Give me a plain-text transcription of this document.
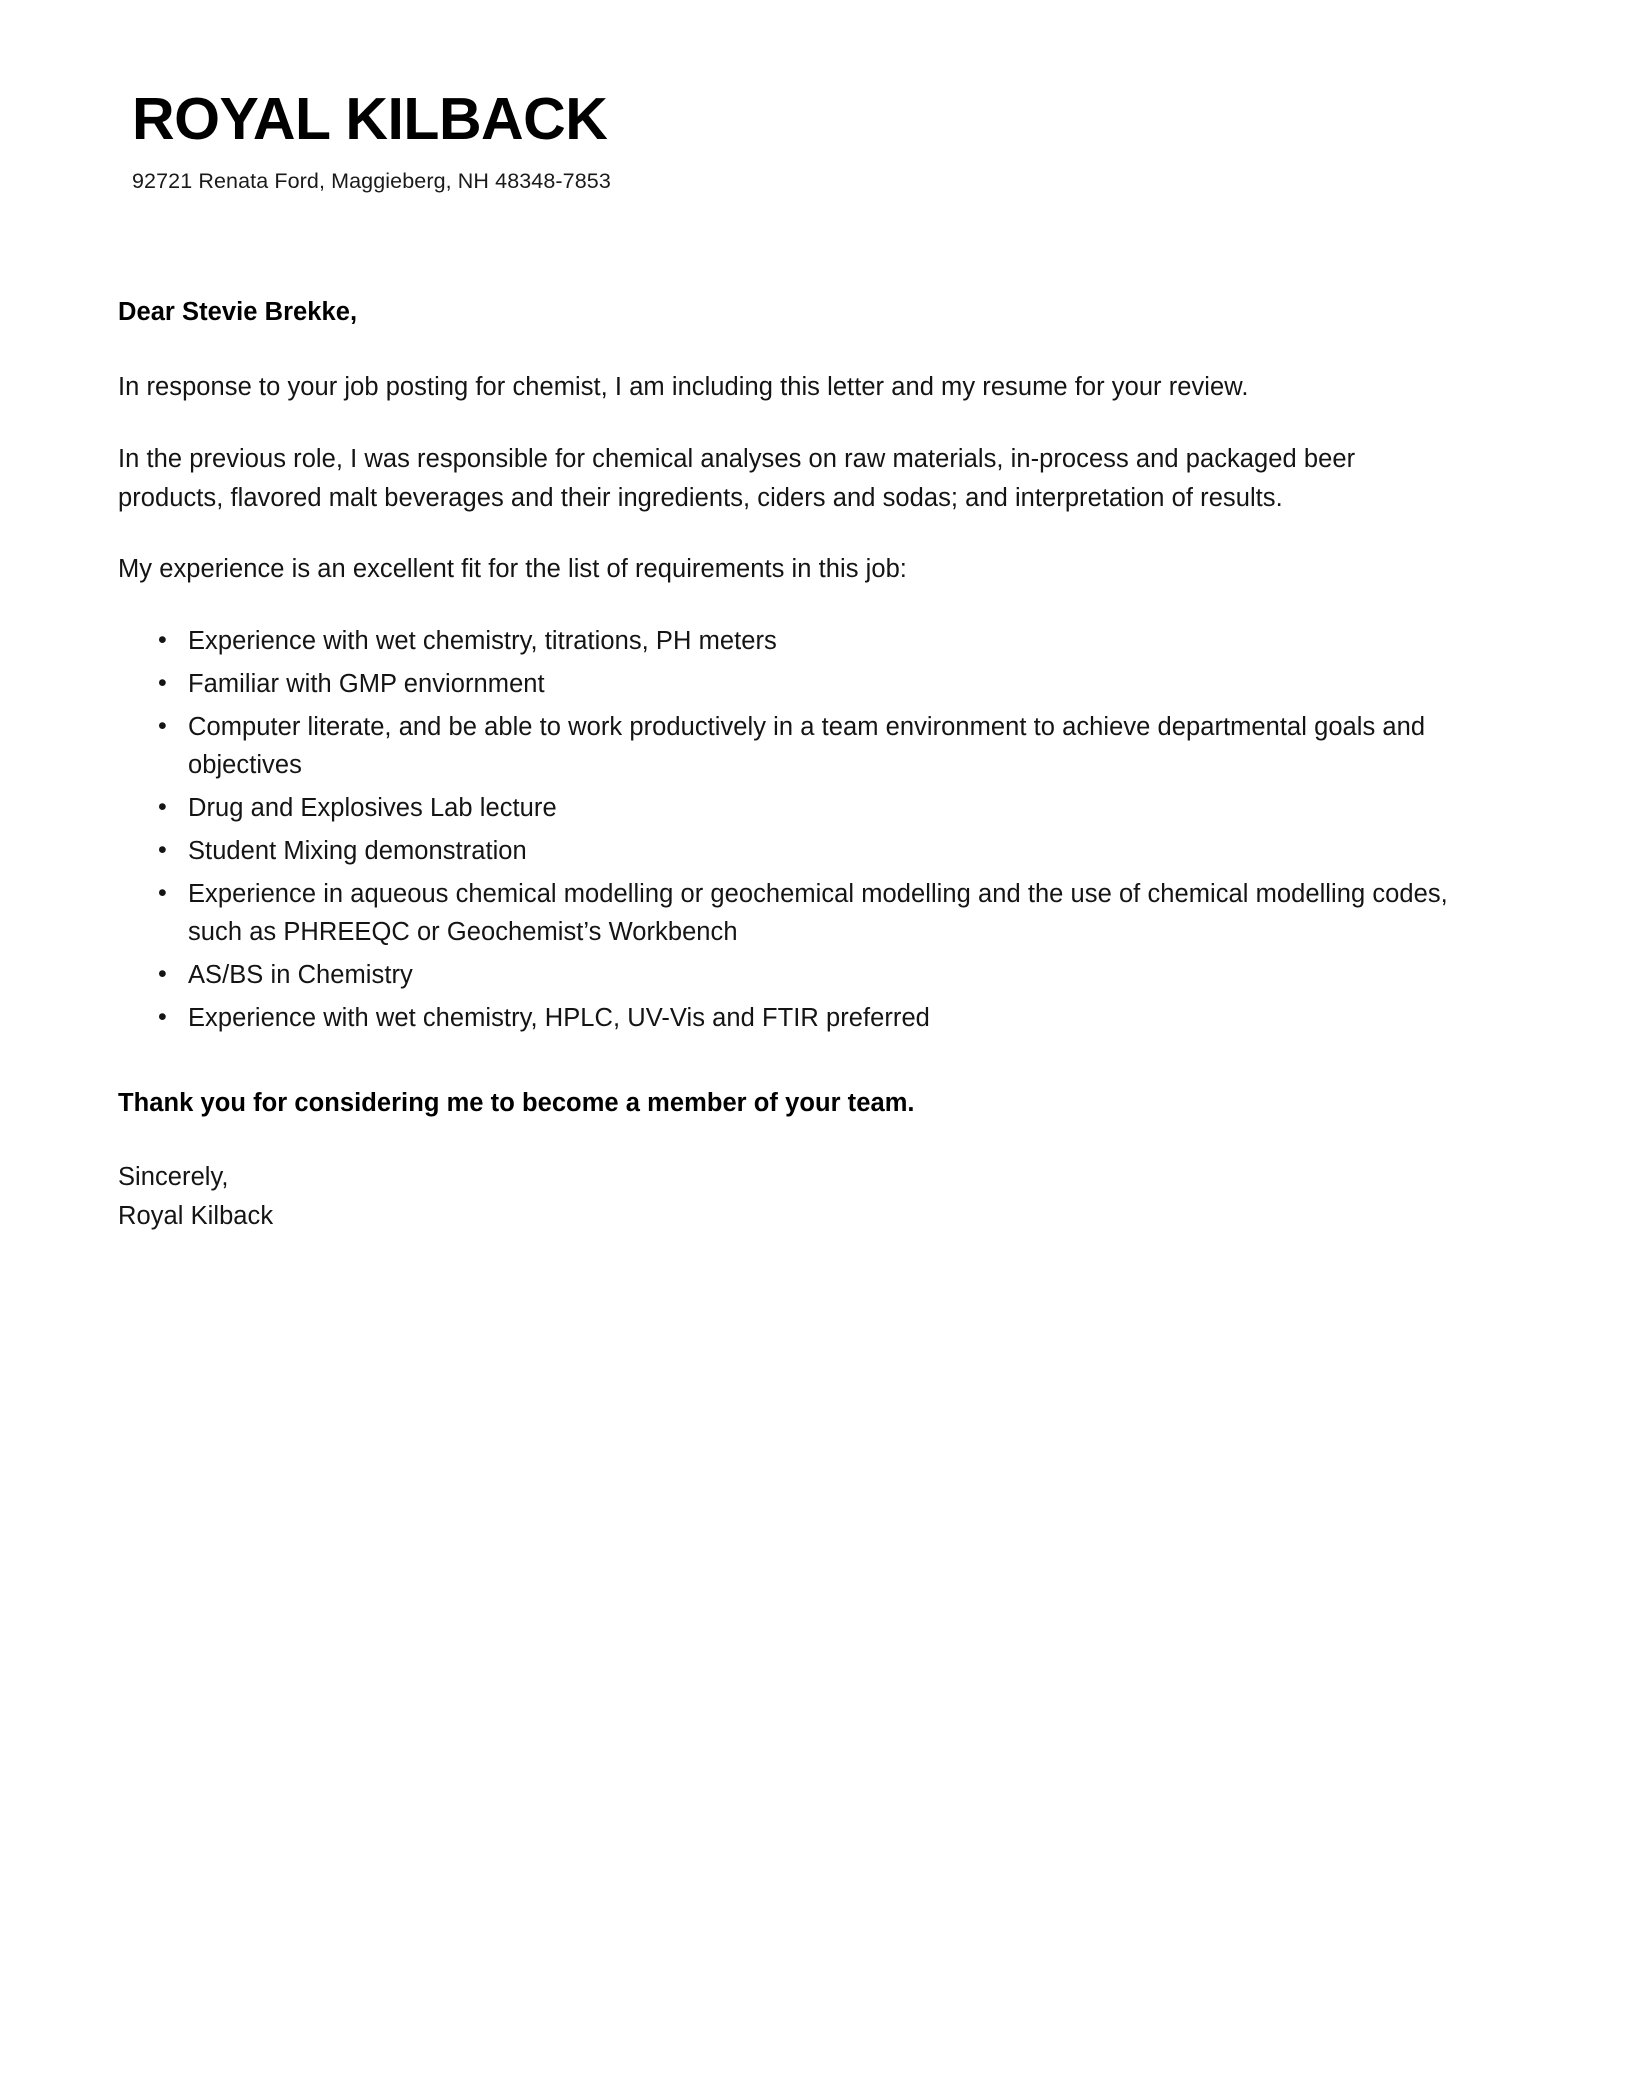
ROYAL KILBACK

92721 Renata Ford, Maggieberg, NH 48348-7853

Dear Stevie Brekke,

In response to your job posting for chemist, I am including this letter and my resume for your review.

In the previous role, I was responsible for chemical analyses on raw materials, in-process and packaged beer products, flavored malt beverages and their ingredients, ciders and sodas; and interpretation of results.

My experience is an excellent fit for the list of requirements in this job:

• Experience with wet chemistry, titrations, PH meters
• Familiar with GMP enviornment
• Computer literate, and be able to work productively in a team environment to achieve departmental goals and objectives
• Drug and Explosives Lab lecture
• Student Mixing demonstration
• Experience in aqueous chemical modelling or geochemical modelling and the use of chemical modelling codes, such as PHREEQC or Geochemist’s Workbench
• AS/BS in Chemistry
• Experience with wet chemistry, HPLC, UV-Vis and FTIR preferred

Thank you for considering me to become a member of your team.

Sincerely,
Royal Kilback
